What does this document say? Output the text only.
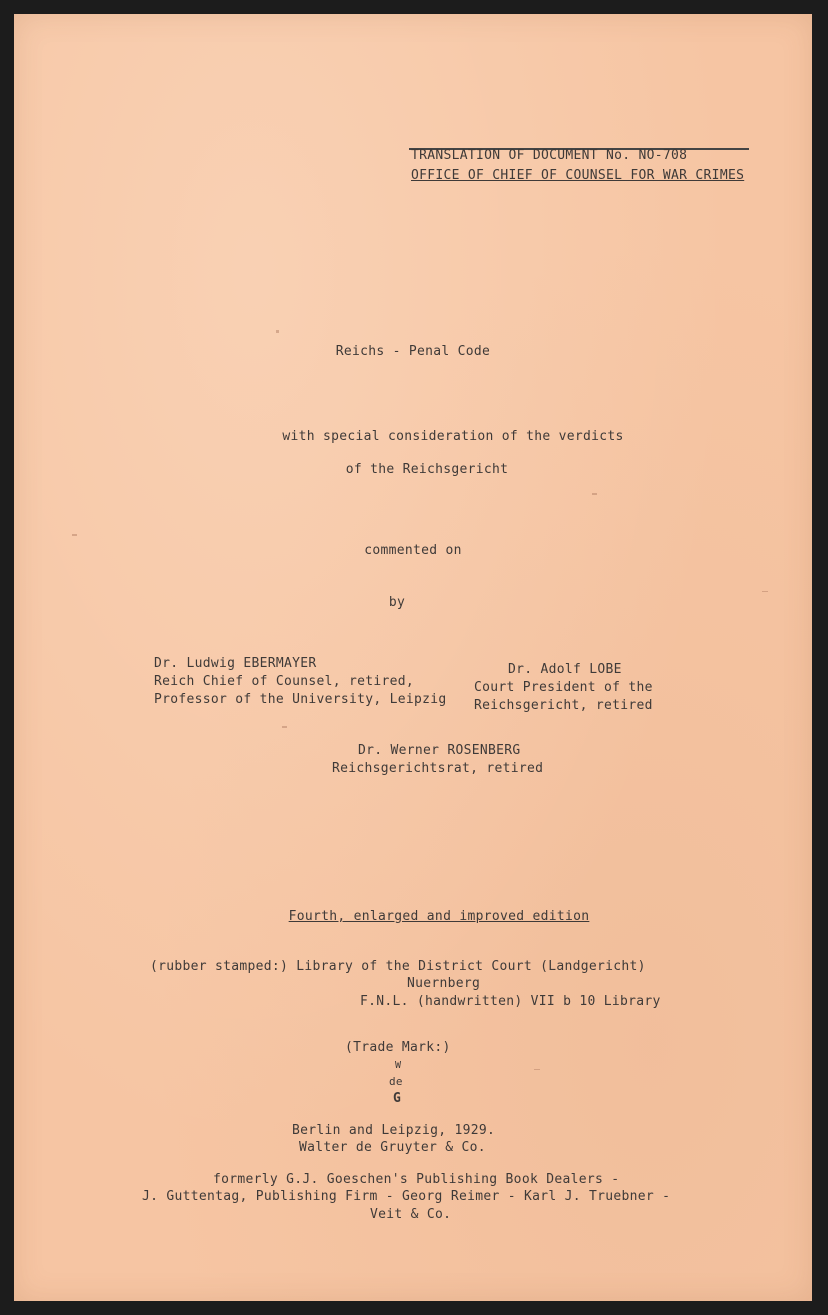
TRANSLATION OF DOCUMENT No. NO-708
OFFICE OF CHIEF OF COUNSEL FOR WAR CRIMES
Reichs - Penal Code
with special consideration of the verdicts
of the Reichsgericht
commented on
by
Dr. Ludwig EBERMAYER
Reich Chief of Counsel, retired,
Professor of the University, Leipzig
Dr. Adolf LOBE
Court President of the
Reichsgericht, retired
Dr. Werner ROSENBERG
Reichsgerichtsrat, retired
Fourth, enlarged and improved edition
(rubber stamped:) Library of the District Court (Landgericht)
Nuernberg
F.N.L. (handwritten) VII b 10 Library
(Trade Mark:)
W
de
G
Berlin and Leipzig, 1929.
Walter de Gruyter & Co.
formerly G.J. Goeschen's Publishing Book Dealers -
J. Guttentag, Publishing Firm - Georg Reimer - Karl J. Truebner -
Veit & Co.
